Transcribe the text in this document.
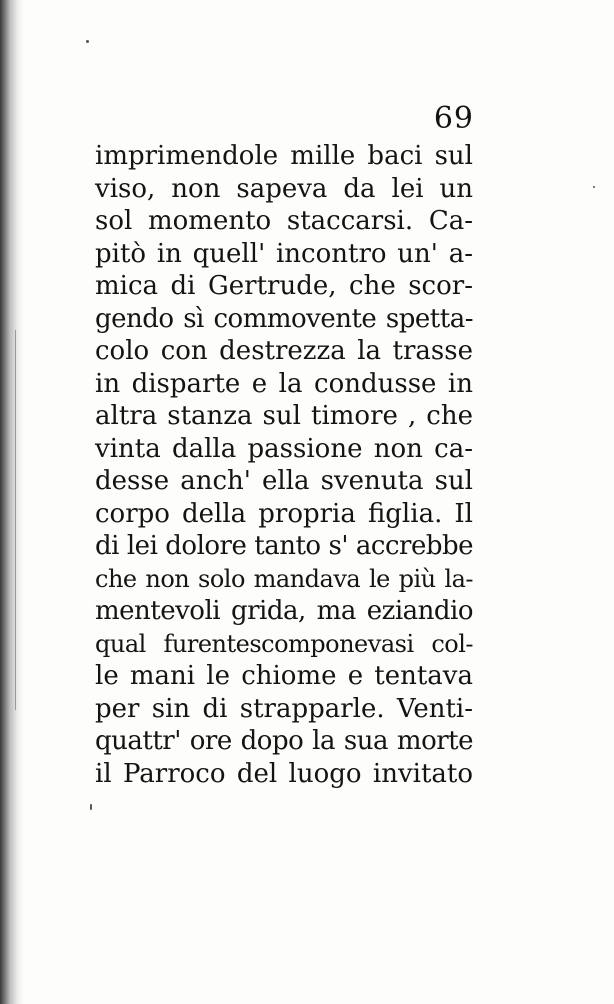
69
imprimendole mille baci sul
viso, non sapeva da lei un
sol momento staccarsi. Ca-
pitò in quell' incontro un' a-
mica di Gertrude, che scor-
gendo sì commovente spetta-
colo con destrezza la trasse
in disparte e la condusse in
altra stanza sul timore , che
vinta dalla passione non ca-
desse anch' ella svenuta sul
corpo della propria figlia. Il
di lei dolore tanto s' accrebbe
che non solo mandava le più la-
mentevoli grida, ma eziandio
qual furentescomponevasi col-
le mani le chiome e tentava
per sin di strapparle. Venti-
quattr' ore dopo la sua morte
il Parroco del luogo invitato
